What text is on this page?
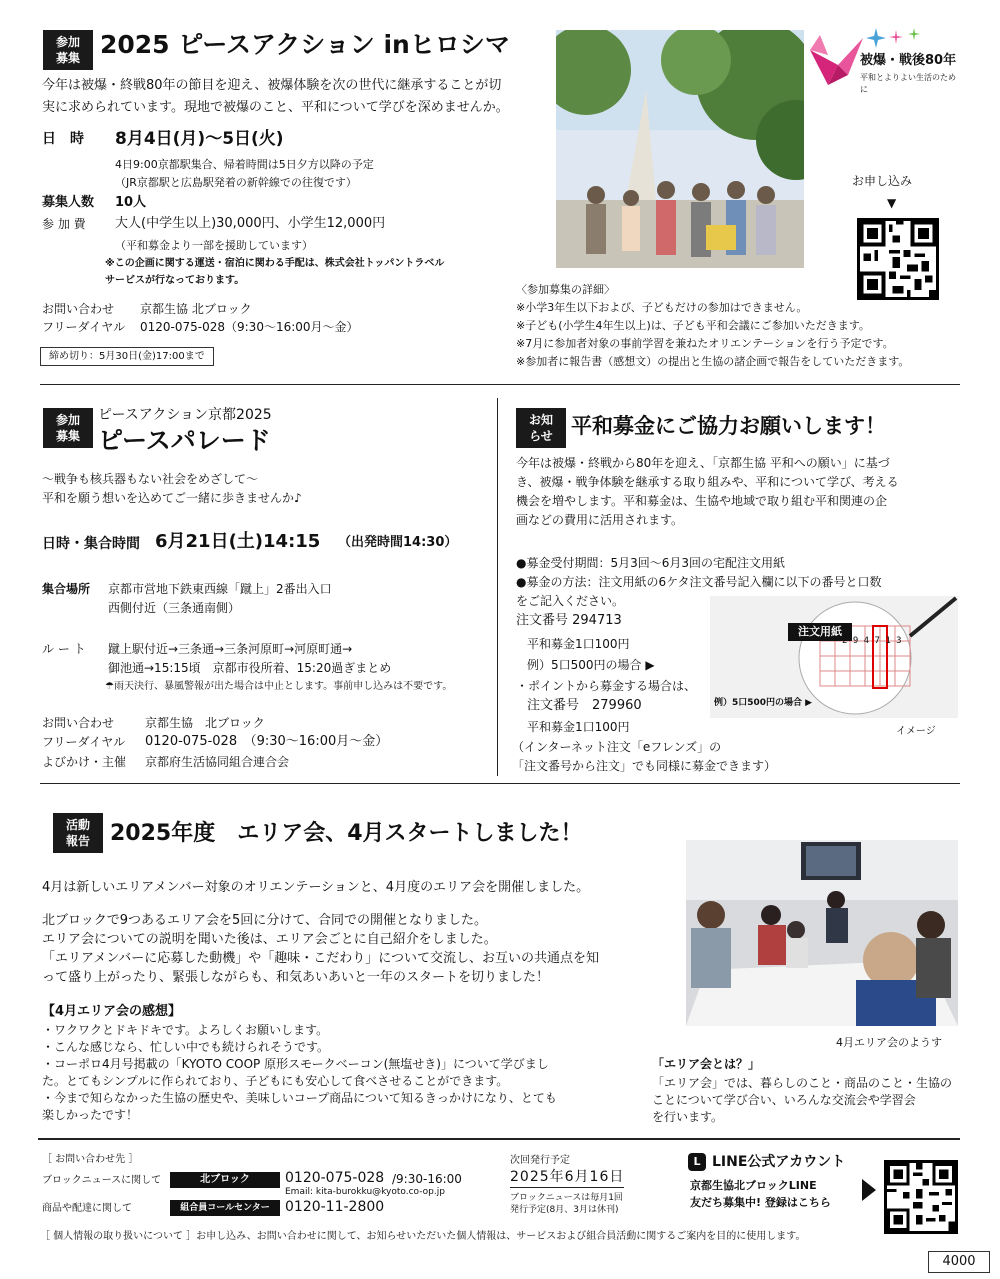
参加
募集 2025 ピースアクション inヒロシマ
今年は被爆・終戦80年の節目を迎え、被爆体験を次の世代に継承することが切
実に求められています。現地で被爆のこと、平和について学びを深めませんか。
日　時 8月4日(月)～5日(火)
4日9:00京都駅集合、帰着時間は5日夕方以降の予定
（JR京都駅と広島駅発着の新幹線での往復です）
募集人数 10人
参 加 費 大人(中学生以上)30,000円、小学生12,000円
（平和募金より一部を援助しています）
※この企画に関する運送・宿泊に関わる手配は、株式会社トッパントラベル
サービスが行なっております。
お問い合わせ 京都生協 北ブロック
フリーダイヤル 0120-075-028（9:30～16:00月～金）
締め切り：5月30日(金)17:00まで
被爆・戦後80年
平和とよりよい生活のために
お申し込み
▼
〈参加募集の詳細〉
※小学3年生以下および、子どもだけの参加はできません。
※子ども(小学生4年生以上)は、子ども平和会議にご参加いただきます。
※7月に参加者対象の事前学習を兼ねたオリエンテーションを行う予定です。
※参加者に報告書（感想文）の提出と生協の諸企画で報告をしていただきます。
参加
募集
ピースアクション京都2025
ピースパレード
～戦争も核兵器もない社会をめざして～
平和を願う想いを込めてご一緒に歩きませんか♪
日時・集合時間 6月21日(土)14:15 （出発時間14:30）
集合場所 京都市営地下鉄東西線「蹴上」2番出入口
西側付近（三条通南側）
ル ー ト 蹴上駅付近→三条通→三条河原町→河原町通→
御池通→15:15頃　京都市役所着、15:20過ぎまとめ
☂雨天決行、暴風警報が出た場合は中止とします。事前申し込みは不要です。
お問い合わせ	京都生協　北ブロック
フリーダイヤル 0120-075-028　（9:30～16:00月～金）
よびかけ・主催 京都府生活協同組合連合会
お知
らせ 平和募金にご協力お願いします！
今年は被爆・終戦から80年を迎え、「京都生協 平和への願い」に基づ
き、被爆・戦争体験を継承する取り組みや、平和について学び、考える
機会を増やします。平和募金は、生協や地域で取り組む平和関連の企
画などの費用に活用されます。
●募金受付期間：5月3回～6月3回の宅配注文用紙
●募金の方法：注文用紙の6ケタ注文番号記入欄に以下の番号と口数
をご記入ください。
注文番号 294713
平和募金1口100円
例）5口500円の場合 ▶
・ポイントから募金する場合は、
注文番号　279960
平和募金1口100円
（インターネット注文「eフレンズ」の
「注文番号から注文」でも同様に募金できます）
注文用紙
2 9 4 7 1 3
例）5口500円の場合 ▶
イメージ
活動
報告 2025年度　エリア会、4月スタートしました！
4月は新しいエリアメンバー対象のオリエンテーションと、4月度のエリア会を開催しました。
北ブロックで9つあるエリア会を5回に分けて、合同での開催となりました。
エリア会についての説明を聞いた後は、エリア会ごとに自己紹介をしました。
「エリアメンバーに応募した動機」や「趣味・こだわり」について交流し、お互いの共通点を知
って盛り上がったり、緊張しながらも、和気あいあいと一年のスタートを切りました！
【4月エリア会の感想】
・ワクワクとドキドキです。よろしくお願いします。
・こんな感じなら、忙しい中でも続けられそうです。
・コーポロ4月号掲載の「KYOTO COOP 原形スモークベーコン(無塩せき)」について学びまし
た。とてもシンプルに作られており、子どもにも安心して食べさせることができます。
・今まで知らなかった生協の歴史や、美味しいコープ商品について知るきっかけになり、とても
楽しかったです！
4月エリア会のようす
「エリア会とは？」
「エリア会」では、暮らしのこと・商品のこと・生協の
ことについて学び合い、いろんな交流会や学習会
を行います。
［ お問い合わせ先 ］
ブロックニュースに関して	北ブロック	0120-075-028 /9:30-16:00
Email: kita-burokku@kyoto.co-op.jp
商品や配達に関して	組合員コールセンター	0120-11-2800
次回発行予定
2025年6月16日
ブロックニュースは毎月1回
発行予定(8月、3月は休刊)
L LINE公式アカウント
京都生協北ブロックLINE
友だち募集中! 登録はこちら
［ 個人情報の取り扱いについて ］お申し込み、お問い合わせに関して、お知らせいただいた個人情報は、サービスおよび組合員活動に関するご案内を目的に使用します。
4000
